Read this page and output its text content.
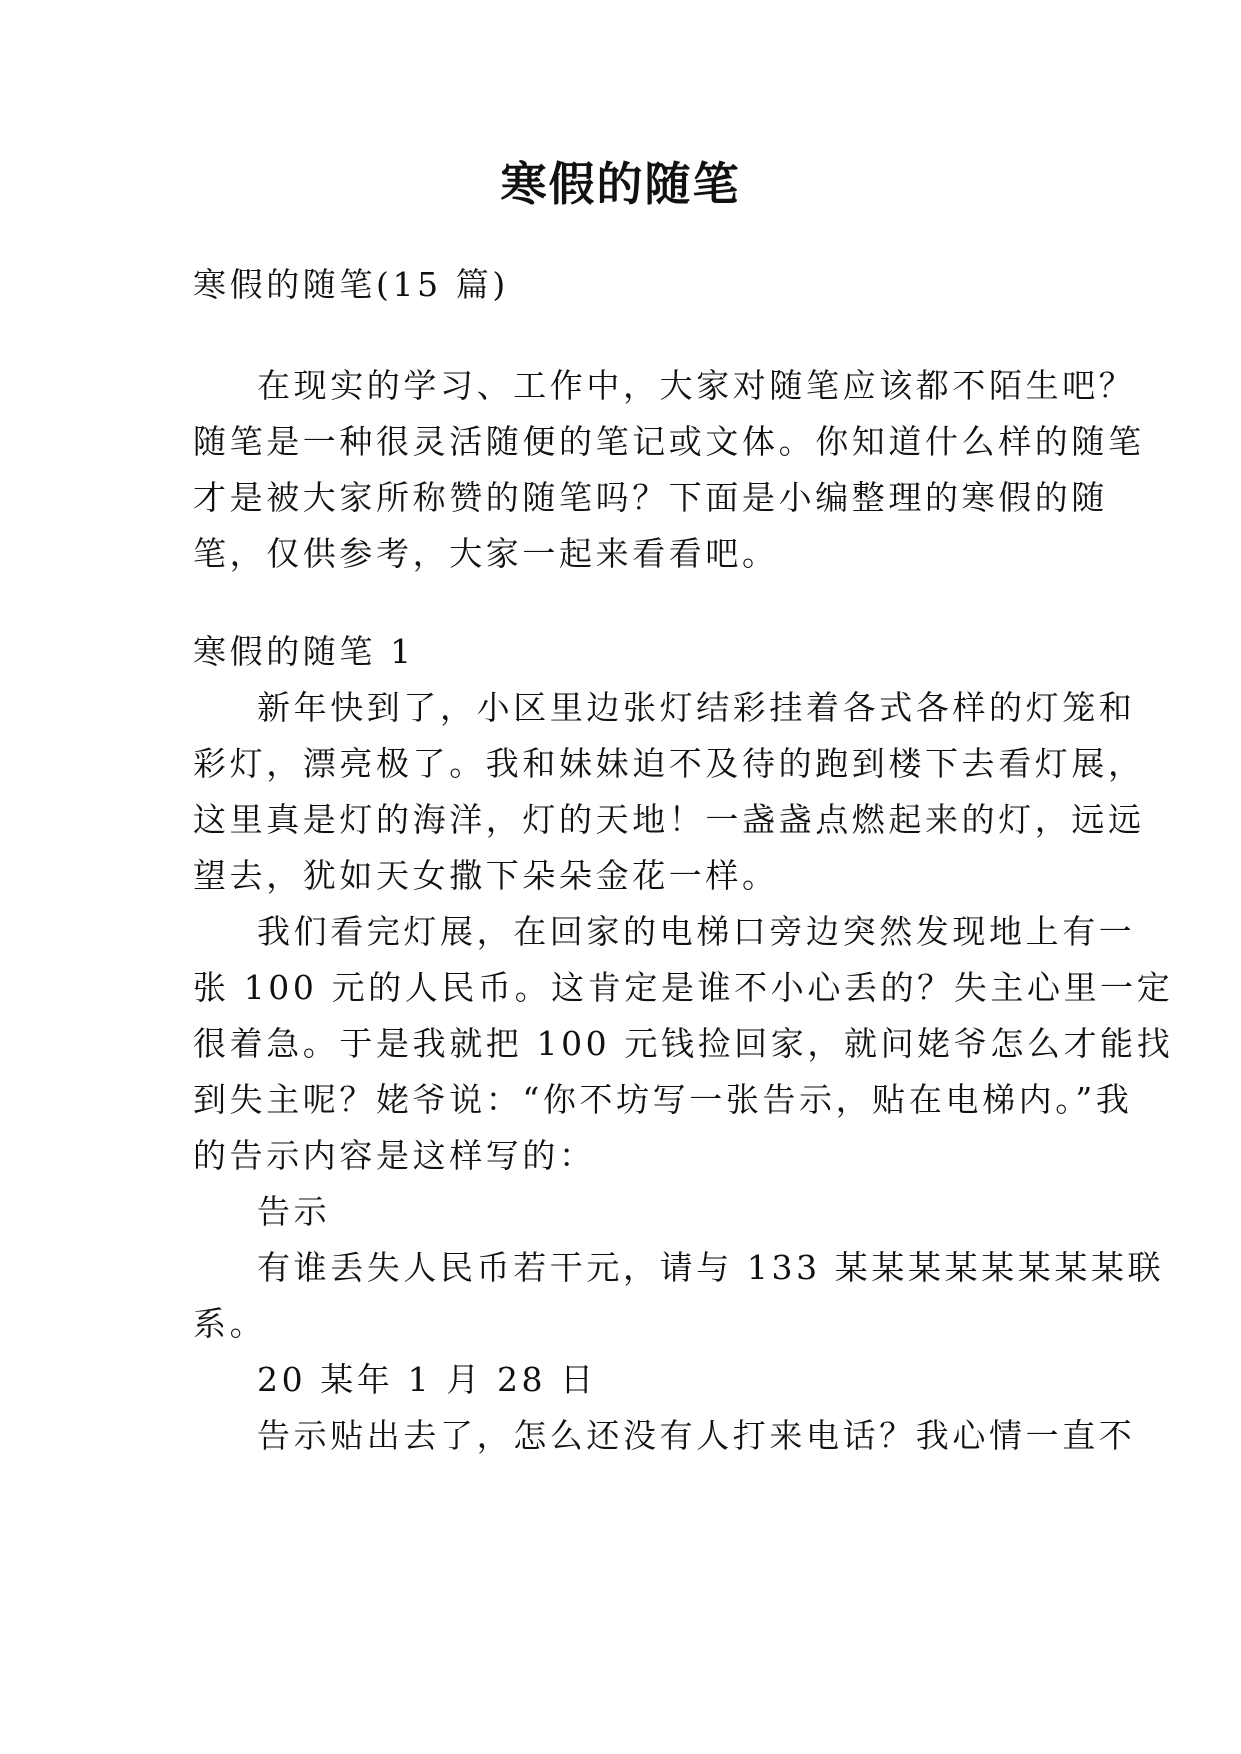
寒假的随笔
寒假的随笔(15 篇)
在现实的学习、工作中，大家对随笔应该都不陌生吧？
随笔是一种很灵活随便的笔记或文体。你知道什么样的随笔
才是被大家所称赞的随笔吗？下面是小编整理的寒假的随
笔，仅供参考，大家一起来看看吧。
寒假的随笔 1
新年快到了，小区里边张灯结彩挂着各式各样的灯笼和
彩灯，漂亮极了。我和妹妹迫不及待的跑到楼下去看灯展，
这里真是灯的海洋，灯的天地！一盏盏点燃起来的灯，远远
望去，犹如天女撒下朵朵金花一样。
我们看完灯展，在回家的电梯口旁边突然发现地上有一
张 100 元的人民币。这肯定是谁不小心丢的？失主心里一定
很着急。于是我就把 100 元钱捡回家，就问姥爷怎么才能找
到失主呢？姥爷说：“你不坊写一张告示，贴在电梯内。”我
的告示内容是这样写的：
告示
有谁丢失人民币若干元，请与 133 某某某某某某某某联
系。
20 某年 1 月 28 日
告示贴出去了，怎么还没有人打来电话？我心情一直不
